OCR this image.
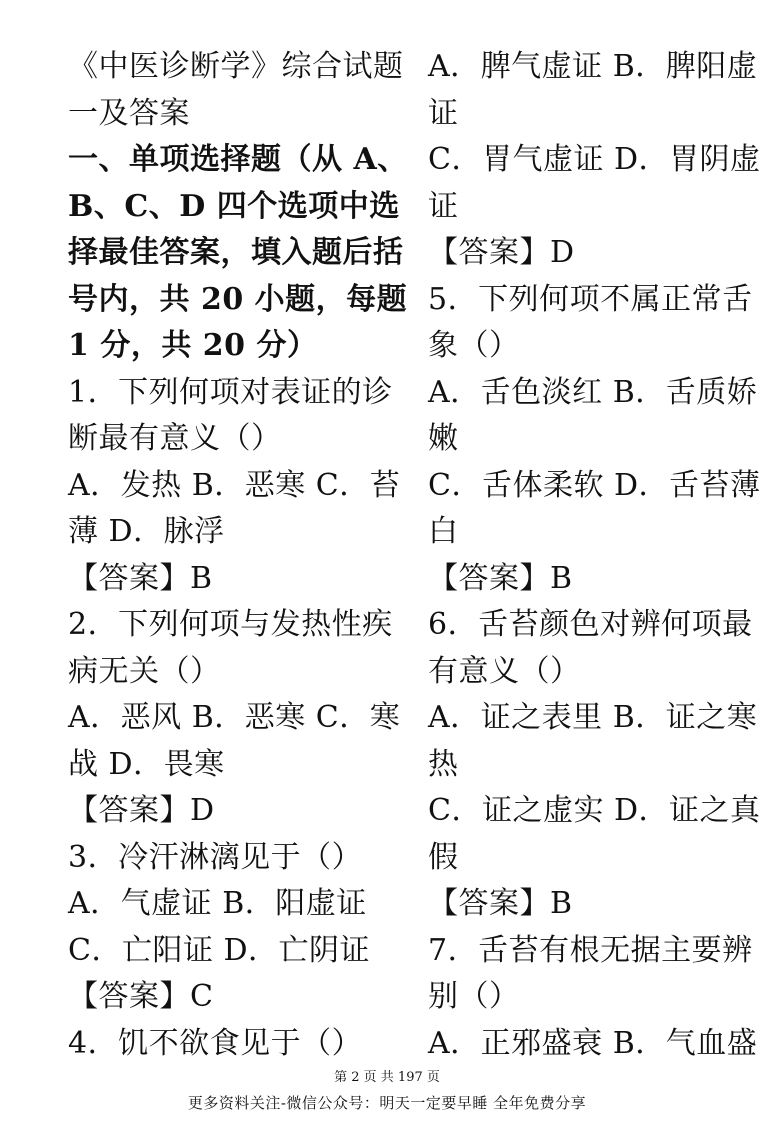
《中医诊断学》综合试题
一及答案
一、单项选择题（从 A、
B、C、D 四个选项中选
择最佳答案，填入题后括
号内，共 20 小题，每题
1 分，共 20 分）
1．下列何项对表证的诊
断最有意义（）
A．发热 B．恶寒 C．苔
薄 D．脉浮
【答案】B
2．下列何项与发热性疾
病无关（）
A．恶风 B．恶寒 C．寒
战 D．畏寒
【答案】D
3．冷汗淋漓见于（）
A．气虚证 B．阳虚证
C．亡阳证 D．亡阴证
【答案】C
4．饥不欲食见于（）
A．脾气虚证 B．脾阳虚
证
C．胃气虚证 D．胃阴虚
证
【答案】D
5．下列何项不属正常舌
象（）
A．舌色淡红 B．舌质娇
嫩
C．舌体柔软 D．舌苔薄
白
【答案】B
6．舌苔颜色对辨何项最
有意义（）
A．证之表里 B．证之寒
热
C．证之虚实 D．证之真
假
【答案】B
7．舌苔有根无据主要辨
别（）
A．正邪盛衰 B．气血盛
第 2 页 共 197 页
更多资料关注-微信公众号：明天一定要早睡 全年免费分享
